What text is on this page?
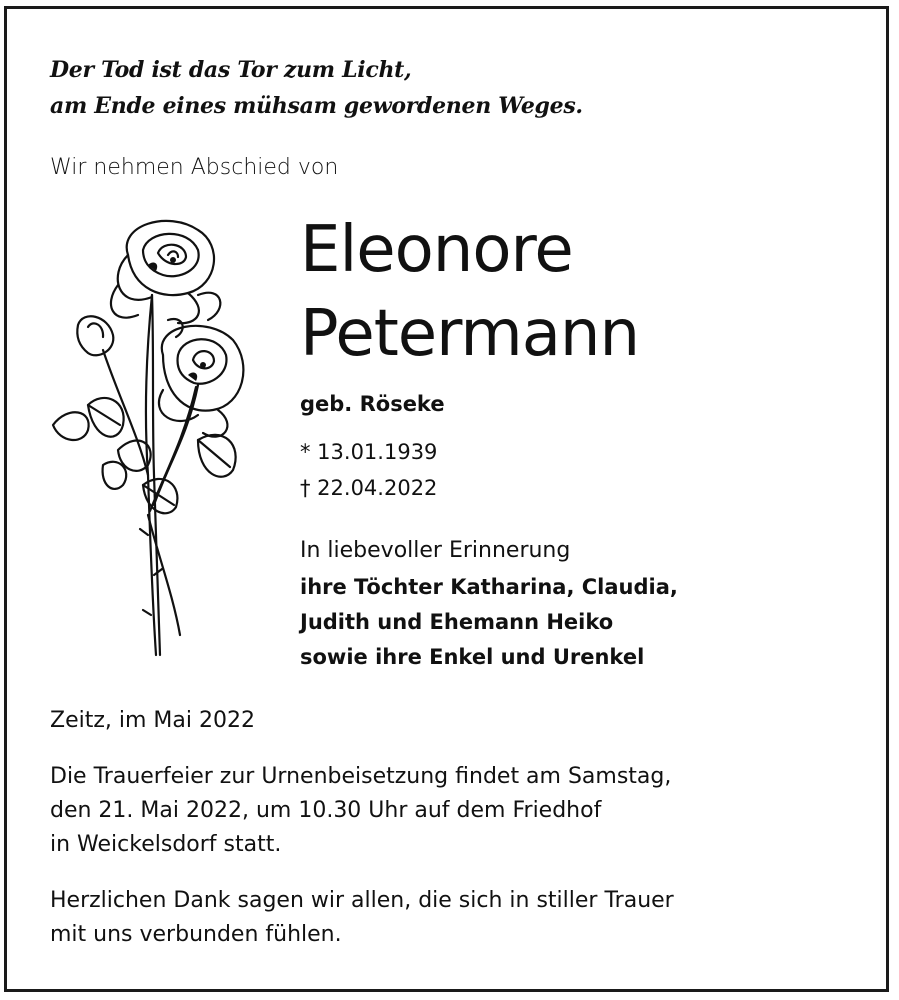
Der Tod ist das Tor zum Licht,
am Ende eines mühsam gewordenen Weges.
Wir nehmen Abschied von
Eleonore
Petermann
geb. Röseke
* 13.01.1939
† 22.04.2022
In liebevoller Erinnerung
ihre Töchter Katharina, Claudia,
Judith und Ehemann Heiko
sowie ihre Enkel und Urenkel
Zeitz, im Mai 2022
Die Trauerfeier zur Urnenbeisetzung findet am Samstag,
den 21. Mai 2022, um 10.30 Uhr auf dem Friedhof
in Weickelsdorf statt.
Herzlichen Dank sagen wir allen, die sich in stiller Trauer
mit uns verbunden fühlen.
